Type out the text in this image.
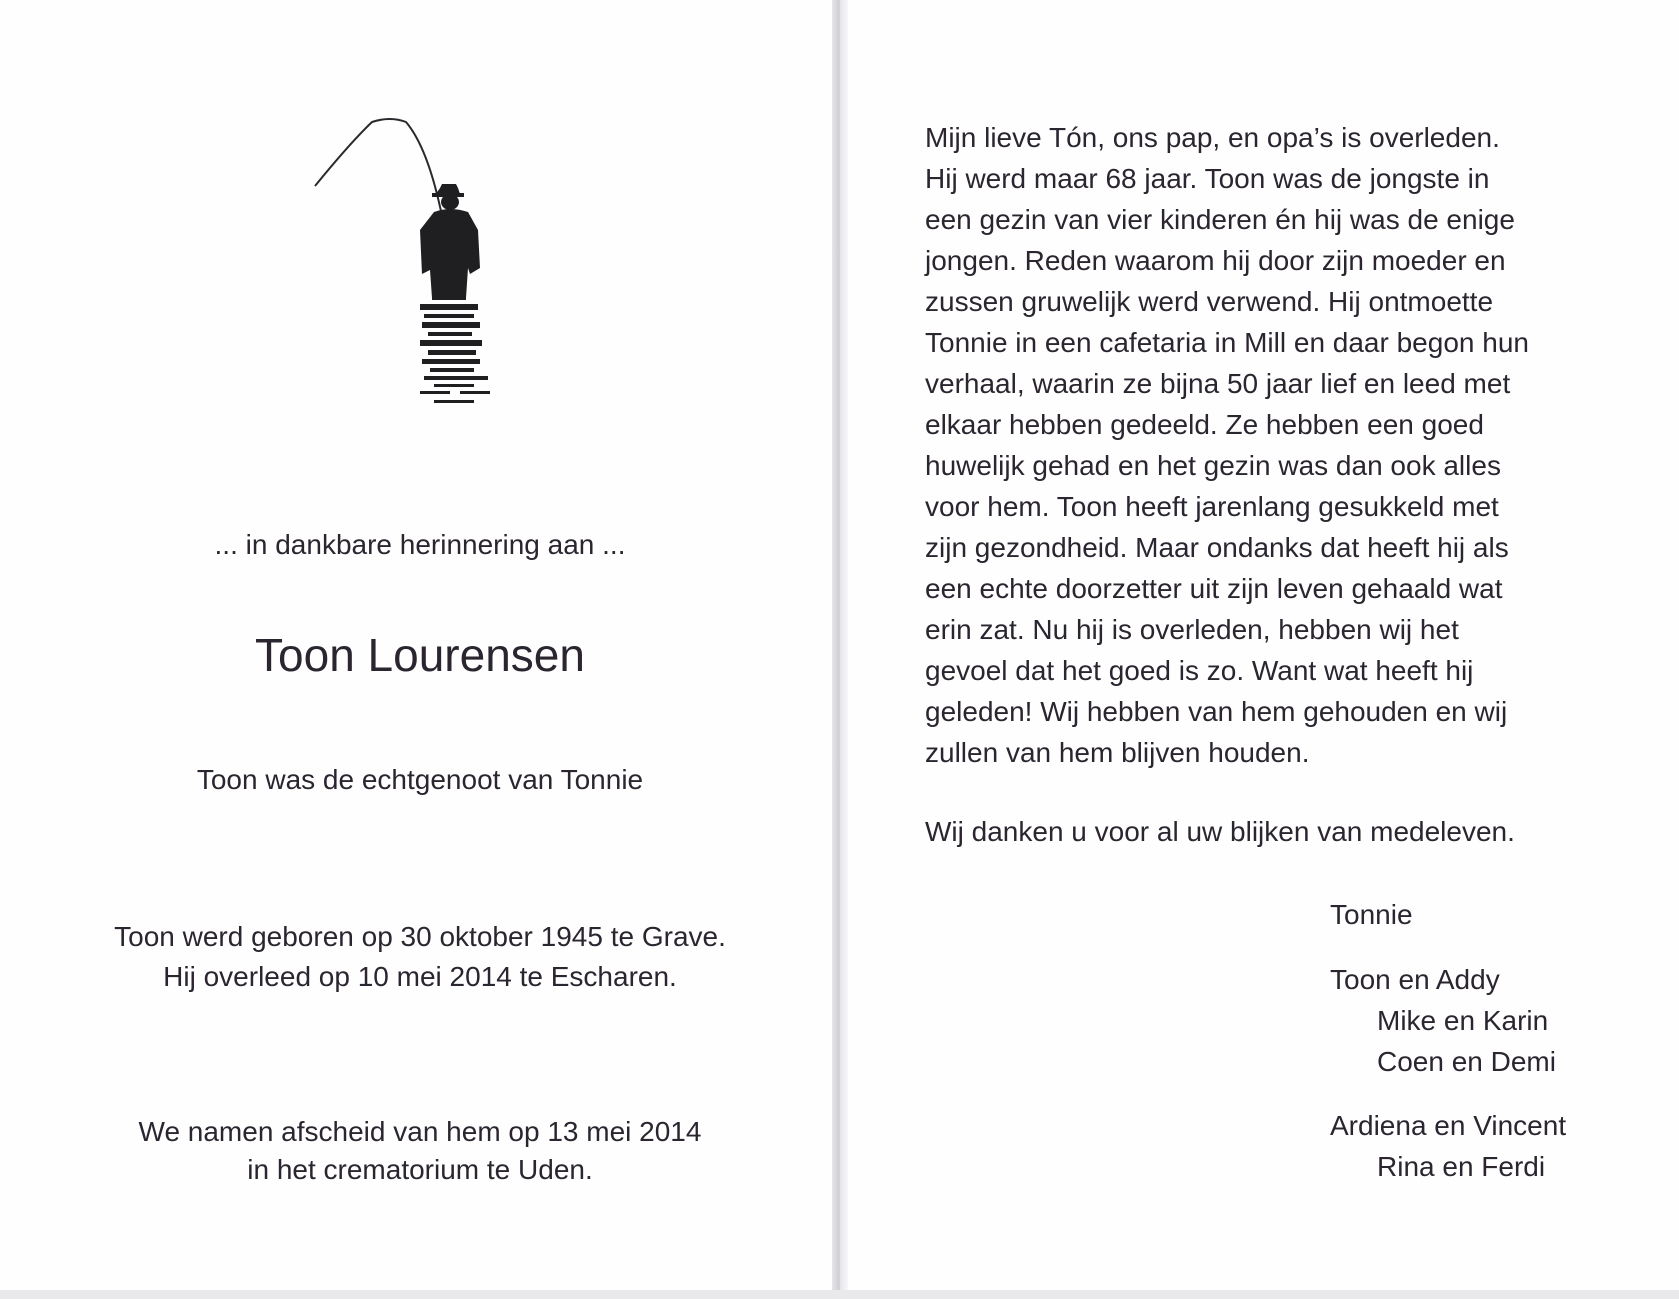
... in dankbare herinnering aan ...
Toon Lourensen
Toon was de echtgenoot van Tonnie
Toon werd geboren op 30 oktober 1945 te Grave.
Hij overleed op 10 mei 2014 te Escharen.
We namen afscheid van hem op 13 mei 2014
in het crematorium te Uden.
Mijn lieve Tón, ons pap, en opa’s is overleden.
Hij werd maar 68 jaar. Toon was de jongste in
een gezin van vier kinderen én hij was de enige
jongen. Reden waarom hij door zijn moeder en
zussen gruwelijk werd verwend. Hij ontmoette
Tonnie in een cafetaria in Mill en daar begon hun
verhaal, waarin ze bijna 50 jaar lief en leed met
elkaar hebben gedeeld. Ze hebben een goed
huwelijk gehad en het gezin was dan ook alles
voor hem. Toon heeft jarenlang gesukkeld met
zijn gezondheid. Maar ondanks dat heeft hij als
een echte doorzetter uit zijn leven gehaald wat
erin zat. Nu hij is overleden, hebben wij het
gevoel dat het goed is zo. Want wat heeft hij
geleden! Wij hebben van hem gehouden en wij
zullen van hem blijven houden.
Wij danken u voor al uw blijken van medeleven.
Tonnie
Toon en Addy
Mike en Karin
Coen en Demi
Ardiena en Vincent
Rina en Ferdi
